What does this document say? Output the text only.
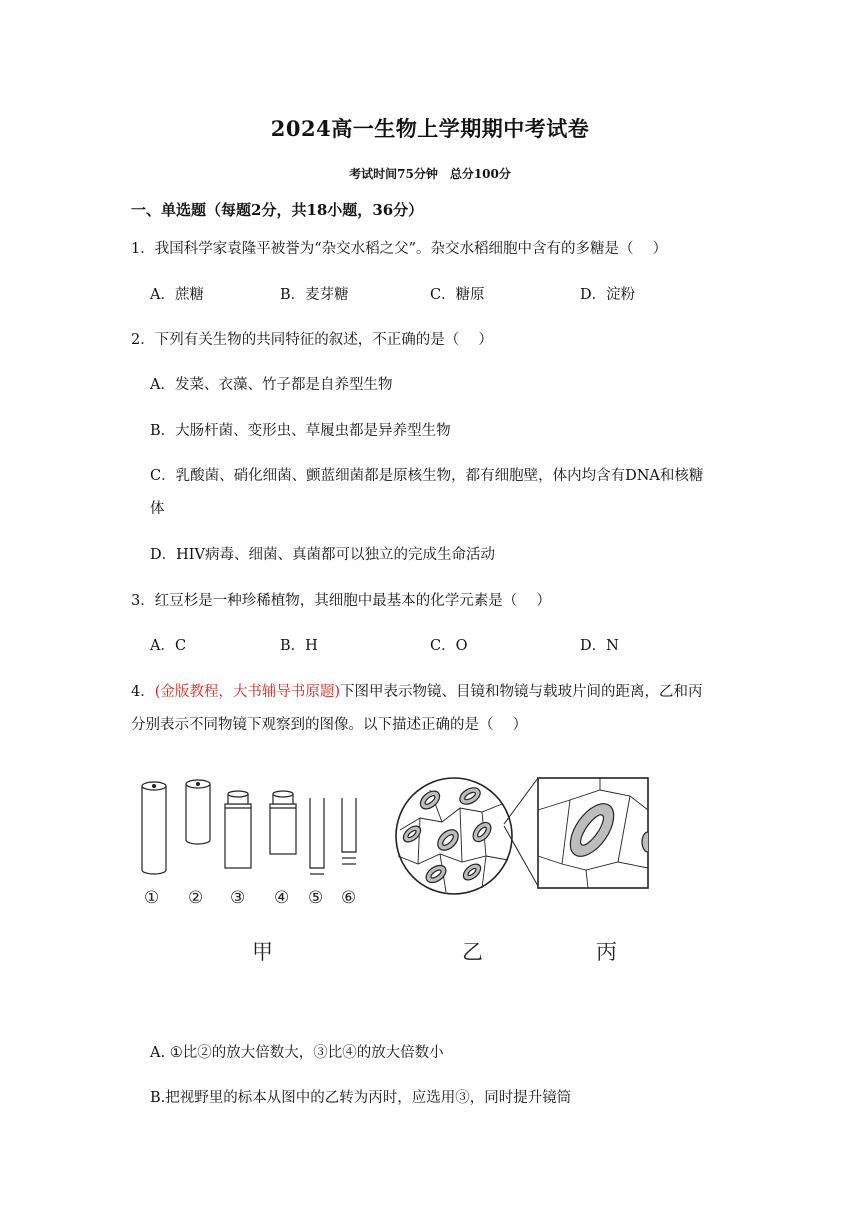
2024高一生物上学期期中考试卷
考试时间75分钟　总分100分
一、单选题（每题2分，共18小题，36分）
1．我国科学家袁隆平被誉为“杂交水稻之父”。杂交水稻细胞中含有的多糖是（　 ）
A．蔗糖	B．麦芽糖	C．糖原	D．淀粉
2．下列有关生物的共同特征的叙述，不正确的是（　 ）
A．发菜、衣藻、竹子都是自养型生物
B．大肠杆菌、变形虫、草履虫都是异养型生物
C．乳酸菌、硝化细菌、颤蓝细菌都是原核生物，都有细胞壁，体内均含有DNA和核糖
体
D．HIV病毒、细菌、真菌都可以独立的完成生命活动
3．红豆杉是一种珍稀植物，其细胞中最基本的化学元素是（　 ）
A．C	B．H	C．O	D．N
4．(金版教程，大书辅导书原题)下图甲表示物镜、目镜和物镜与载玻片间的距离，乙和丙
分别表示不同物镜下观察到的图像。以下描述正确的是（　 ）
① ② ③ ④ ⑤ ⑥
甲	乙	丙
A. ①比②的放大倍数大，③比④的放大倍数小
B.把视野里的标本从图中的乙转为丙时，应选用③，同时提升镜筒
